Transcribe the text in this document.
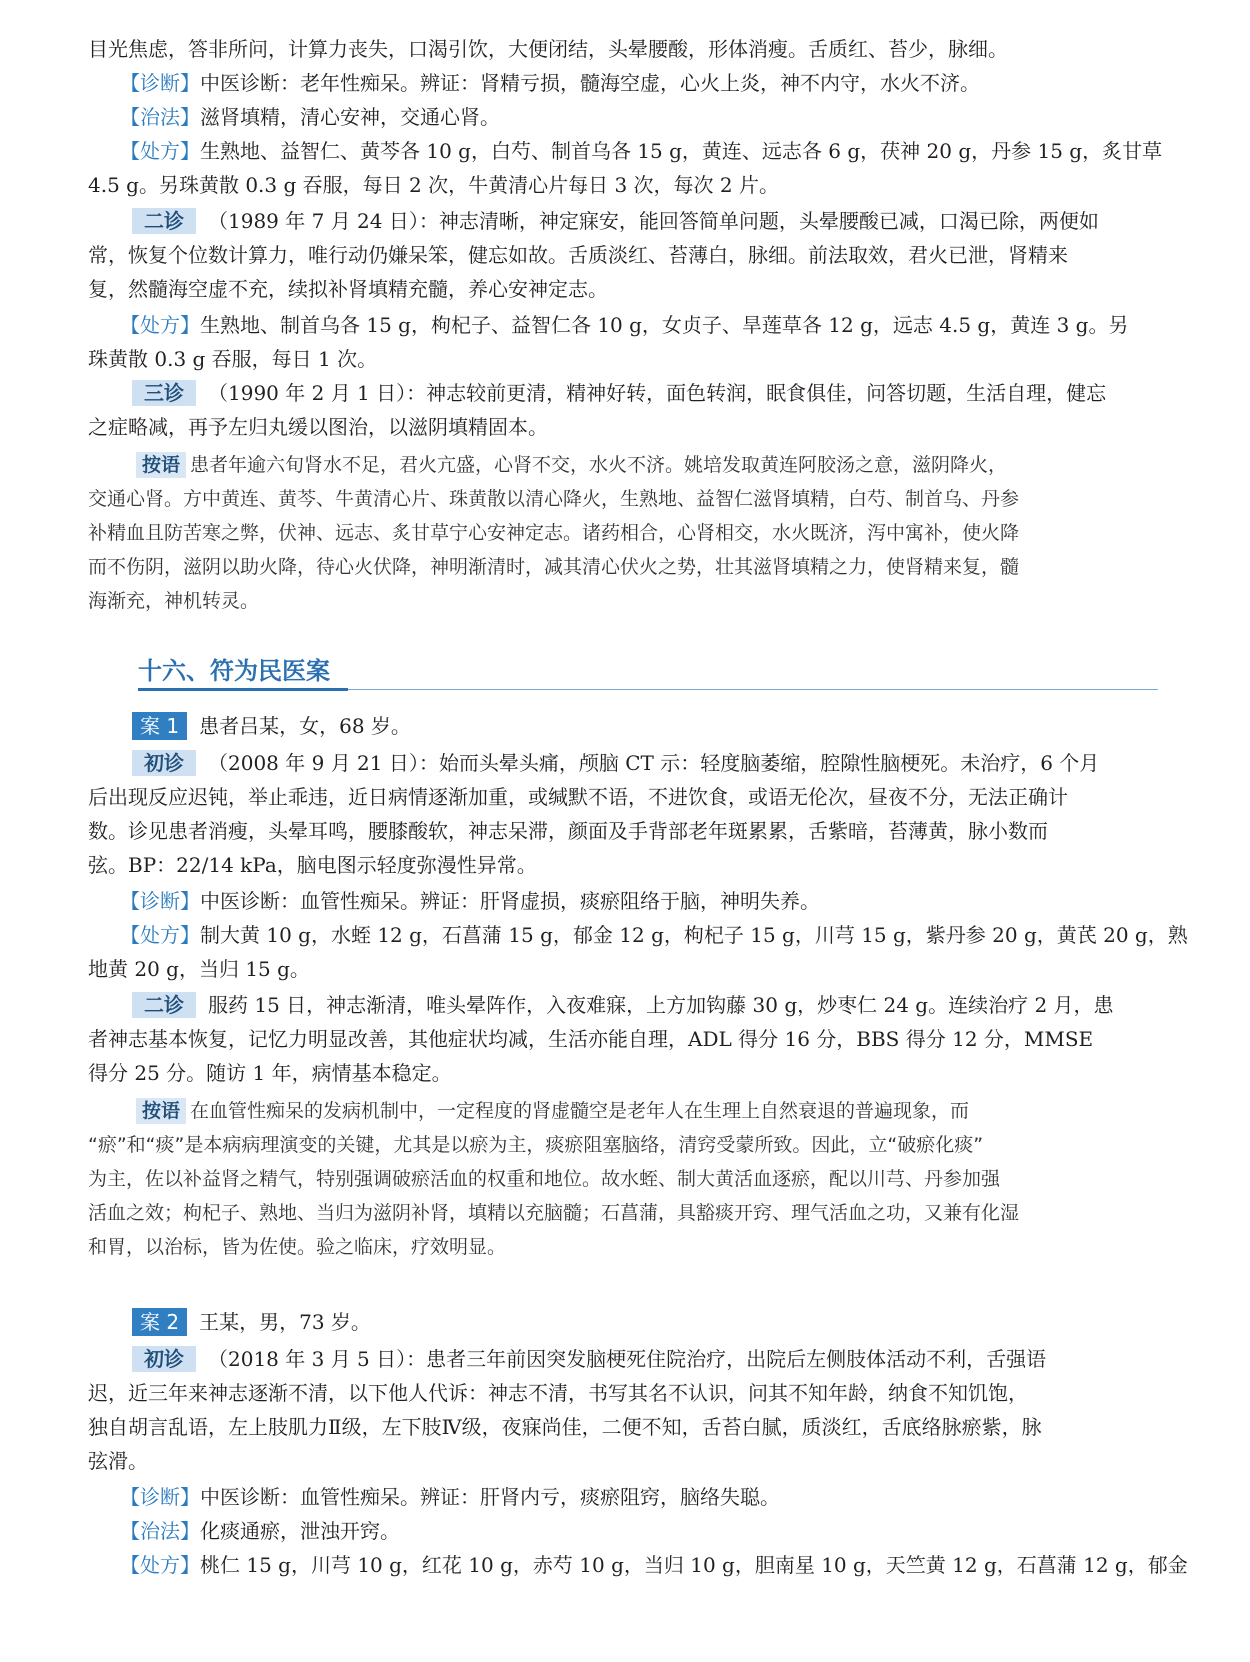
目光焦虑，答非所问，计算力丧失，口渴引饮，大便闭结，头晕腰酸，形体消瘦。舌质红、苔少，脉细。
【诊断】中医诊断：老年性痴呆。辨证：肾精亏损，髓海空虚，心火上炎，神不内守，水火不济。
【治法】滋肾填精，清心安神，交通心肾。
【处方】生熟地、益智仁、黄芩各 10 g，白芍、制首乌各 15 g，黄连、远志各 6 g，茯神 20 g，丹参 15 g，炙甘草
4.5 g。另珠黄散 0.3 g 吞服，每日 2 次，牛黄清心片每日 3 次，每次 2 片。
二诊 （1989 年 7 月 24 日）：神志清晰，神定寐安，能回答简单问题，头晕腰酸已减，口渴已除，两便如
常，恢复个位数计算力，唯行动仍嫌呆笨，健忘如故。舌质淡红、苔薄白，脉细。前法取效，君火已泄，肾精来
复，然髓海空虚不充，续拟补肾填精充髓，养心安神定志。
【处方】生熟地、制首乌各 15 g，枸杞子、益智仁各 10 g，女贞子、旱莲草各 12 g，远志 4.5 g，黄连 3 g。另
珠黄散 0.3 g 吞服，每日 1 次。
三诊 （1990 年 2 月 1 日）：神志较前更清，精神好转，面色转润，眠食俱佳，问答切题，生活自理，健忘
之症略减，再予左归丸缓以图治，以滋阴填精固本。
按语 患者年逾六旬肾水不足，君火亢盛，心肾不交，水火不济。姚培发取黄连阿胶汤之意，滋阴降火，
交通心肾。方中黄连、黄芩、牛黄清心片、珠黄散以清心降火，生熟地、益智仁滋肾填精，白芍、制首乌、丹参
补精血且防苦寒之弊，伏神、远志、炙甘草宁心安神定志。诸药相合，心肾相交，水火既济，泻中寓补，使火降
而不伤阴，滋阴以助火降，待心火伏降，神明渐清时，减其清心伏火之势，壮其滋肾填精之力，使肾精来复，髓
海渐充，神机转灵。
十六、符为民医案
案 1 患者吕某，女，68 岁。
初诊 （2008 年 9 月 21 日）：始而头晕头痛，颅脑 CT 示：轻度脑萎缩，腔隙性脑梗死。未治疗，6 个月
后出现反应迟钝，举止乖违，近日病情逐渐加重，或缄默不语，不进饮食，或语无伦次，昼夜不分，无法正确计
数。诊见患者消瘦，头晕耳鸣，腰膝酸软，神志呆滞，颜面及手背部老年斑累累，舌紫暗，苔薄黄，脉小数而
弦。BP：22/14 kPa，脑电图示轻度弥漫性异常。
【诊断】中医诊断：血管性痴呆。辨证：肝肾虚损，痰瘀阻络于脑，神明失养。
【处方】制大黄 10 g，水蛭 12 g，石菖蒲 15 g，郁金 12 g，枸杞子 15 g，川芎 15 g，紫丹参 20 g，黄芪 20 g，熟
地黄 20 g，当归 15 g。
二诊 服药 15 日，神志渐清，唯头晕阵作，入夜难寐，上方加钩藤 30 g，炒枣仁 24 g。连续治疗 2 月，患
者神志基本恢复，记忆力明显改善，其他症状均减，生活亦能自理，ADL 得分 16 分，BBS 得分 12 分，MMSE
得分 25 分。随访 1 年，病情基本稳定。
按语 在血管性痴呆的发病机制中，一定程度的肾虚髓空是老年人在生理上自然衰退的普遍现象，而
“瘀”和“痰”是本病病理演变的关键，尤其是以瘀为主，痰瘀阻塞脑络，清窍受蒙所致。因此，立“破瘀化痰”
为主，佐以补益肾之精气，特别强调破瘀活血的权重和地位。故水蛭、制大黄活血逐瘀，配以川芎、丹参加强
活血之效；枸杞子、熟地、当归为滋阴补肾，填精以充脑髓；石菖蒲，具豁痰开窍、理气活血之功，又兼有化湿
和胃，以治标，皆为佐使。验之临床，疗效明显。
案 2 王某，男，73 岁。
初诊 （2018 年 3 月 5 日）：患者三年前因突发脑梗死住院治疗，出院后左侧肢体活动不利，舌强语
迟，近三年来神志逐渐不清，以下他人代诉：神志不清，书写其名不认识，问其不知年龄，纳食不知饥饱，
独自胡言乱语，左上肢肌力Ⅱ级，左下肢Ⅳ级，夜寐尚佳，二便不知，舌苔白腻，质淡红，舌底络脉瘀紫，脉
弦滑。
【诊断】中医诊断：血管性痴呆。辨证：肝肾内亏，痰瘀阻窍，脑络失聪。
【治法】化痰通瘀，泄浊开窍。
【处方】桃仁 15 g，川芎 10 g，红花 10 g，赤芍 10 g，当归 10 g，胆南星 10 g，天竺黄 12 g，石菖蒲 12 g，郁金
